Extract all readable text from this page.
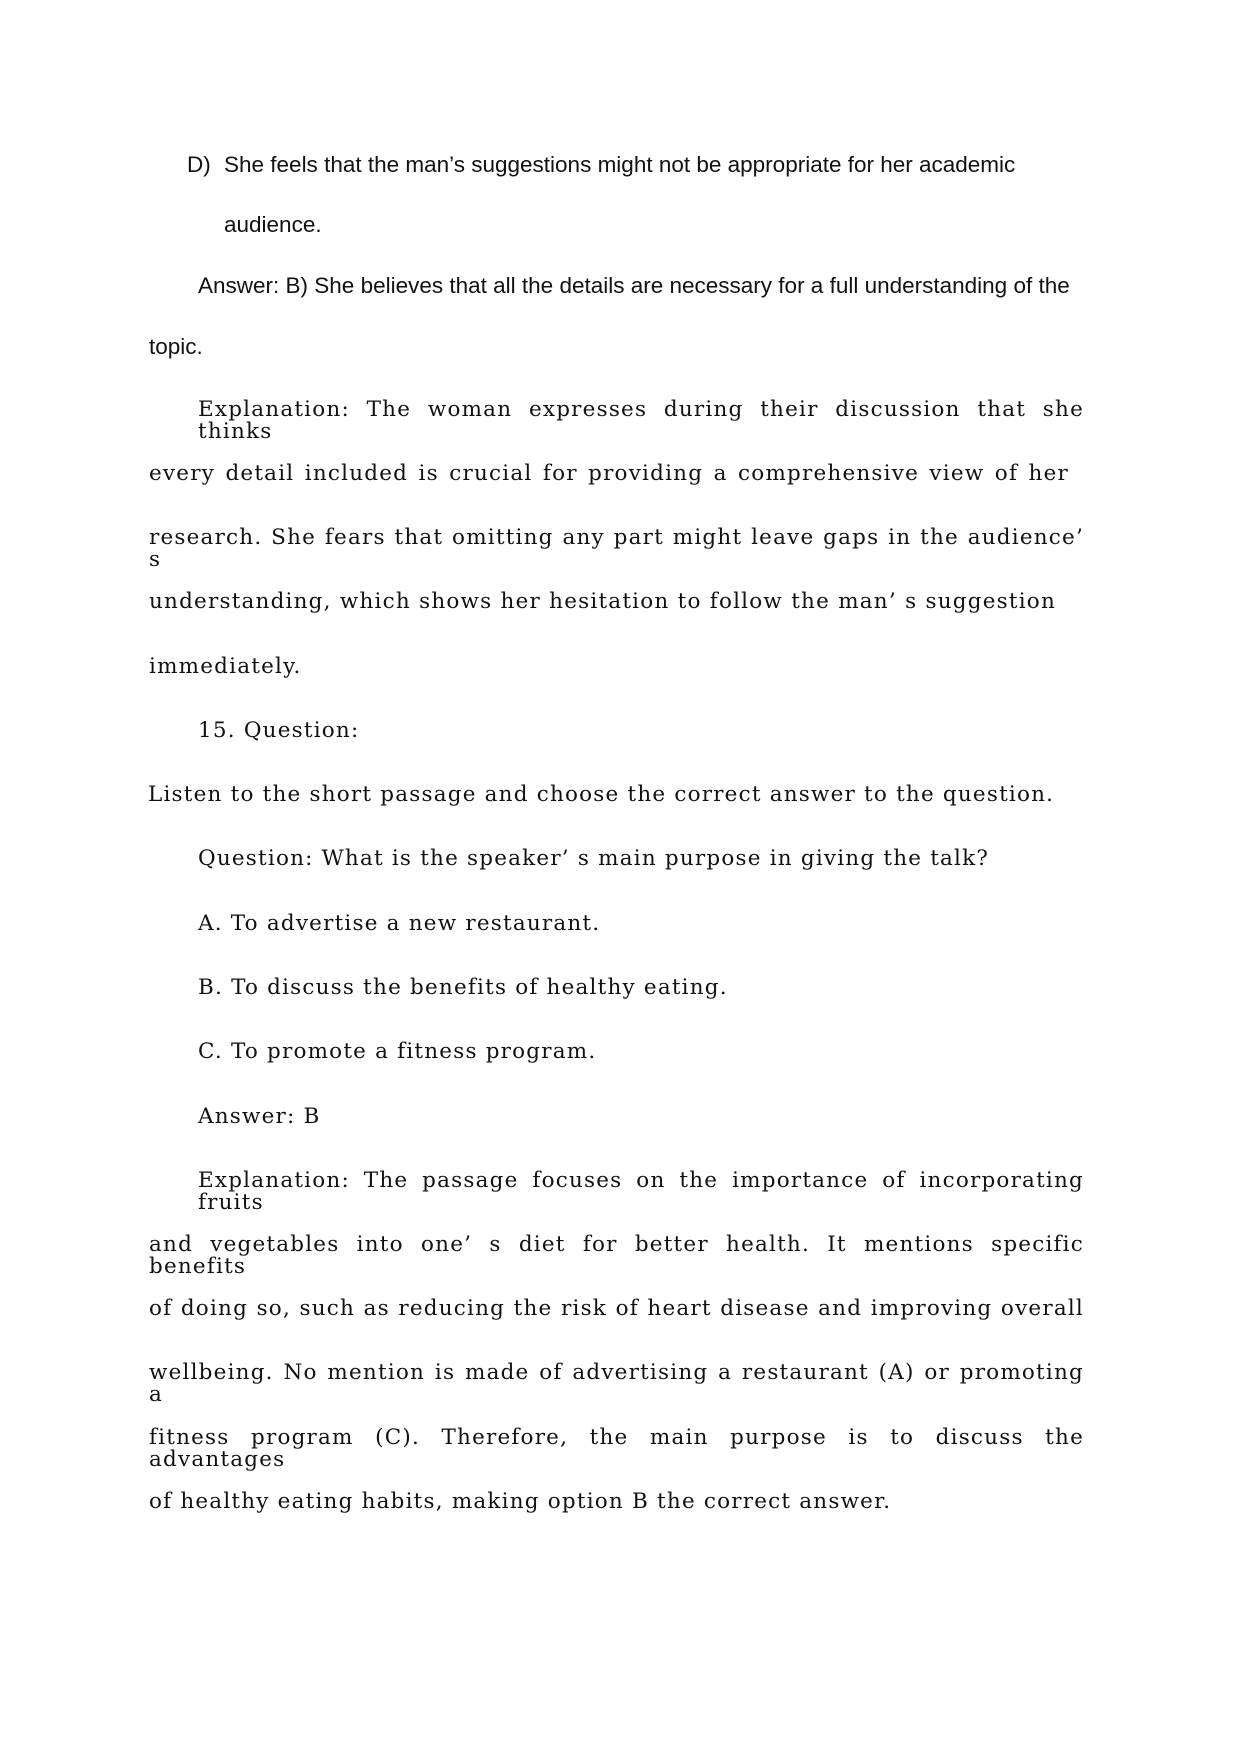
D) She feels that the man’s suggestions might not be appropriate for her academic
audience.
Answer: B) She believes that all the details are necessary for a full understanding of the
topic.
Explanation: The woman expresses during their discussion that she thinks
every detail included is crucial for providing a comprehensive view of her
research. She fears that omitting any part might leave gaps in the audience’ s
understanding, which shows her hesitation to follow the man’ s suggestion
immediately.
15. Question:
Listen to the short passage and choose the correct answer to the question.
Question: What is the speaker’ s main purpose in giving the talk?
A. To advertise a new restaurant.
B. To discuss the benefits of healthy eating.
C. To promote a fitness program.
Answer: B
Explanation: The passage focuses on the importance of incorporating fruits
and vegetables into one’ s diet for better health. It mentions specific benefits
of doing so, such as reducing the risk of heart disease and improving overall
wellbeing. No mention is made of advertising a restaurant (A) or promoting a
fitness program (C). Therefore, the main purpose is to discuss the advantages
of healthy eating habits, making option B the correct answer.
